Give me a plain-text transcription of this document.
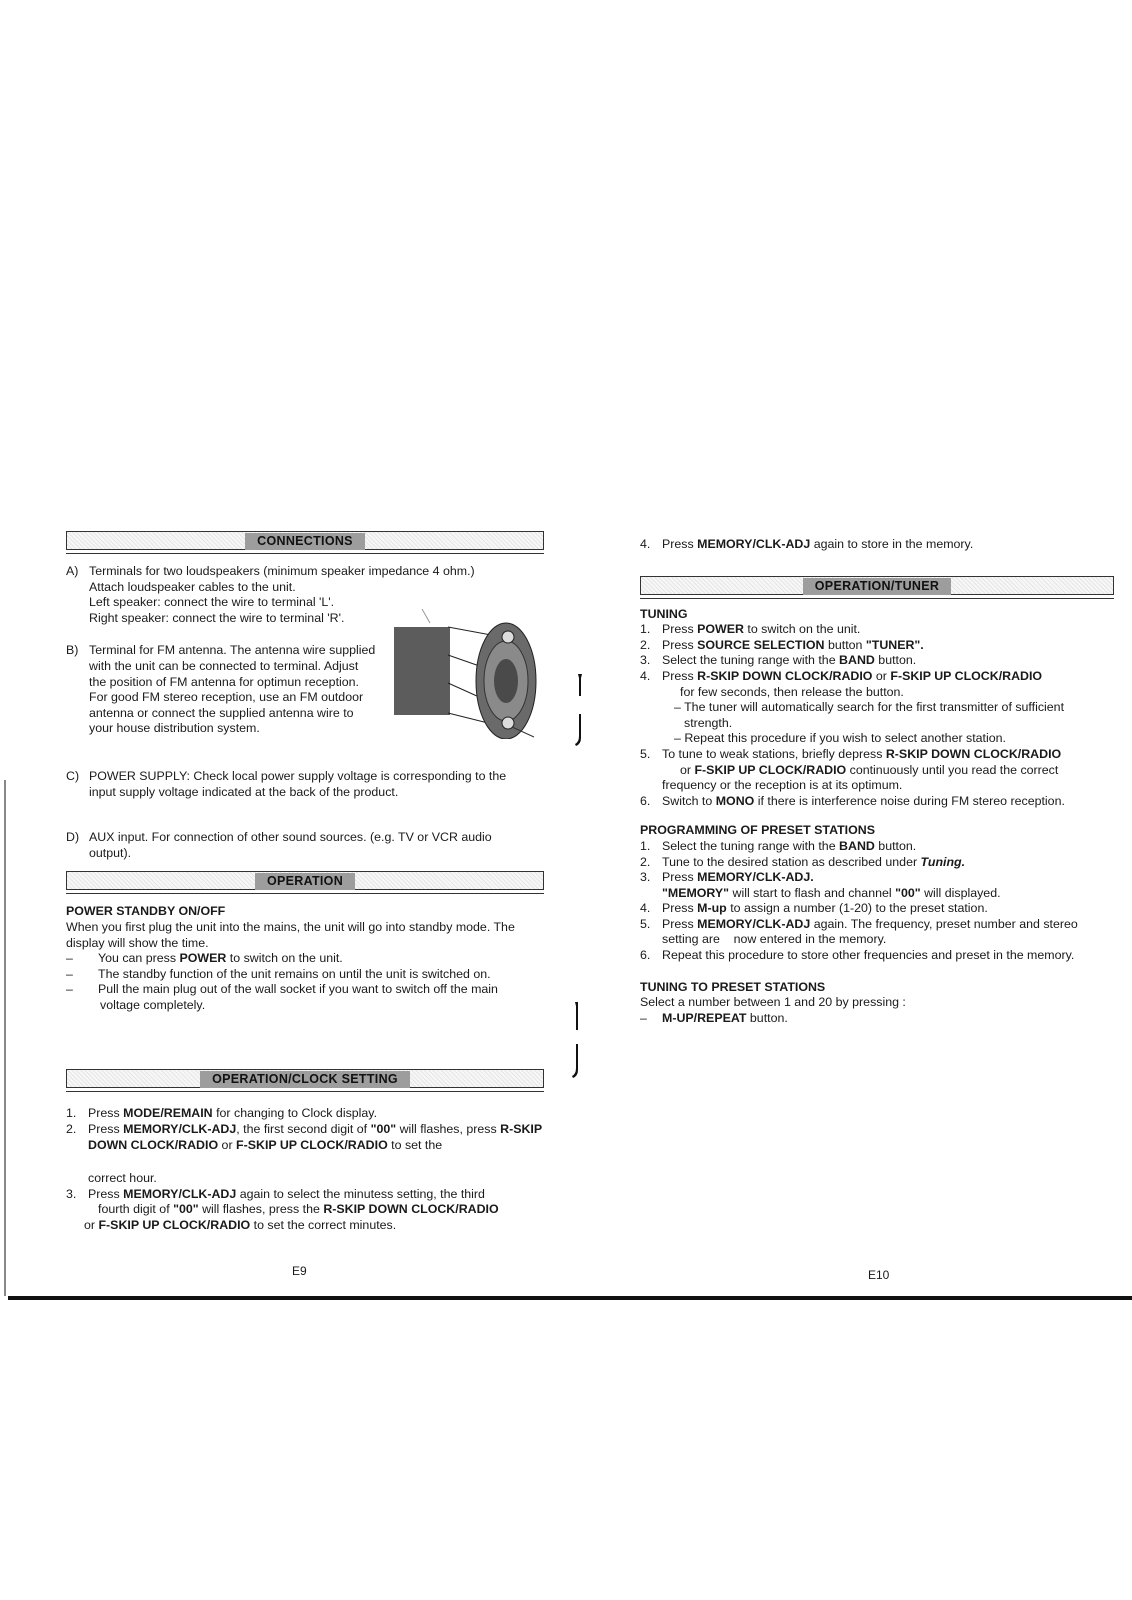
CONNECTIONS
A) Terminals for two loudspeakers (minimum speaker impedance 4 ohm.)
Attach loudspeaker cables to the unit.
Left speaker: connect the wire to terminal 'L'.
Right speaker: connect the wire to terminal 'R'.
B) Terminal for FM antenna. The antenna wire supplied
with the unit can be connected to terminal. Adjust
the position of FM antenna for optimun reception.
For good FM stereo reception, use an FM outdoor
antenna or connect the supplied antenna wire to
your house distribution system.
C) POWER SUPPLY: Check local power supply voltage is corresponding to the
input supply voltage indicated at the back of the product.
D) AUX input. For connection of other sound sources. (e.g. TV or VCR audio
output).
OPERATION

POWER STANDBY ON/OFF

When you first plug the unit into the mains, the unit will go into standby mode. The display will show the time.

– You can press POWER to switch on the unit.
– The standby function of the unit remains on until the unit is switched on.
– Pull the main plug out of the wall socket if you want to switch off the main
voltage completely.
OPERATION/CLOCK SETTING
1. Press MODE/REMAIN for changing to Clock display.
2. Press MEMORY/CLK-ADJ, the first second digit of "00" will flashes, press R-SKIP DOWN CLOCK/RADIO or F-SKIP UP CLOCK/RADIO to set the
correct hour.
3. Press MEMORY/CLK-ADJ again to select the minutess setting, the third
fourth digit of "00" will flashes, press the R-SKIP DOWN CLOCK/RADIO
or F-SKIP UP CLOCK/RADIO to set the correct minutes.
4. Press MEMORY/CLK-ADJ again to store in the memory.
OPERATION/TUNER

TUNING

1. Press POWER to switch on the unit.
2. Press SOURCE SELECTION button "TUNER".
3. Select the tuning range with the BAND button.
4. Press R-SKIP DOWN CLOCK/RADIO or F-SKIP UP CLOCK/RADIO
for few seconds, then release the button.
– The tuner will automatically search for the first transmitter of sufficient
strength.
– Repeat this procedure if you wish to select another station.
5. To tune to weak stations, briefly depress R-SKIP DOWN CLOCK/RADIO
or F-SKIP UP CLOCK/RADIO continuously until you read the correct
frequency or the reception is at its optimum.
6. Switch to MONO if there is interference noise during FM stereo reception.

PROGRAMMING OF PRESET STATIONS

1. Select the tuning range with the BAND button.
2. Tune to the desired station as described under Tuning.
3. Press MEMORY/CLK-ADJ.
"MEMORY" will start to flash and channel "00" will displayed.
4. Press M-up to assign a number (1-20) to the preset station.
5. Press MEMORY/CLK-ADJ again. The frequency, preset number and stereo
setting are    now entered in the memory.
6. Repeat this procedure to store other frequencies and preset in the memory.

TUNING TO PRESET STATIONS

Select a number between 1 and 20 by pressing :

– M-UP/REPEAT button.
E9	E10
